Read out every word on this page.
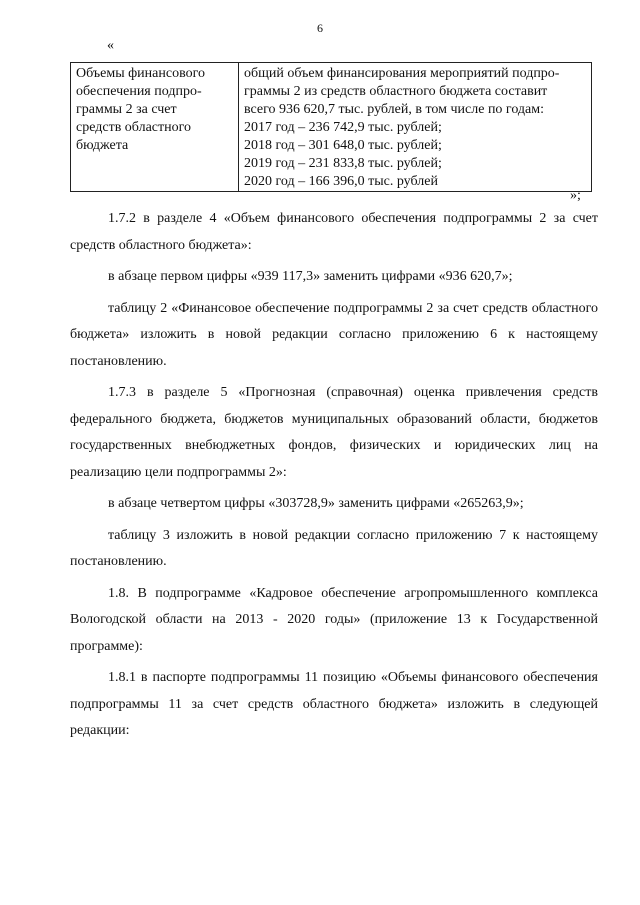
6
«
Объемы финансового
обеспечения подпро-
граммы 2 за счет
средств областного
бюджета

общий объем финансирования мероприятий подпро-
граммы 2 из средств областного бюджета составит
всего 936 620,7 тыс. рублей, в том числе по годам:
2017 год – 236 742,9 тыс. рублей;
2018 год – 301 648,0 тыс. рублей;
2019 год – 231 833,8 тыс. рублей;
2020 год – 166 396,0 тыс. рублей
»;

1.7.2 в разделе 4 «Объем финансового обеспечения подпрограммы 2 за счет средств областного бюджета»:

в абзаце первом цифры «939 117,3» заменить цифрами «936 620,7»;

таблицу 2 «Финансовое обеспечение подпрограммы 2 за счет средств областного бюджета» изложить в новой редакции согласно приложению 6 к настоящему постановлению.

1.7.3 в разделе 5 «Прогнозная (справочная) оценка привлечения средств федерального бюджета, бюджетов муниципальных образований области, бюджетов государственных внебюджетных фондов, физических и юридических лиц на реализацию цели подпрограммы 2»:

в абзаце четвертом цифры «303728,9» заменить цифрами «265263,9»;

таблицу 3 изложить в новой редакции согласно приложению 7 к настоящему постановлению.

1.8. В подпрограмме «Кадровое обеспечение агропромышленного комплекса Вологодской области на 2013 - 2020 годы» (приложение 13 к Государственной программе):

1.8.1 в паспорте подпрограммы 11 позицию «Объемы финансового обеспечения подпрограммы 11 за счет средств областного бюджета» изложить в следующей редакции:
